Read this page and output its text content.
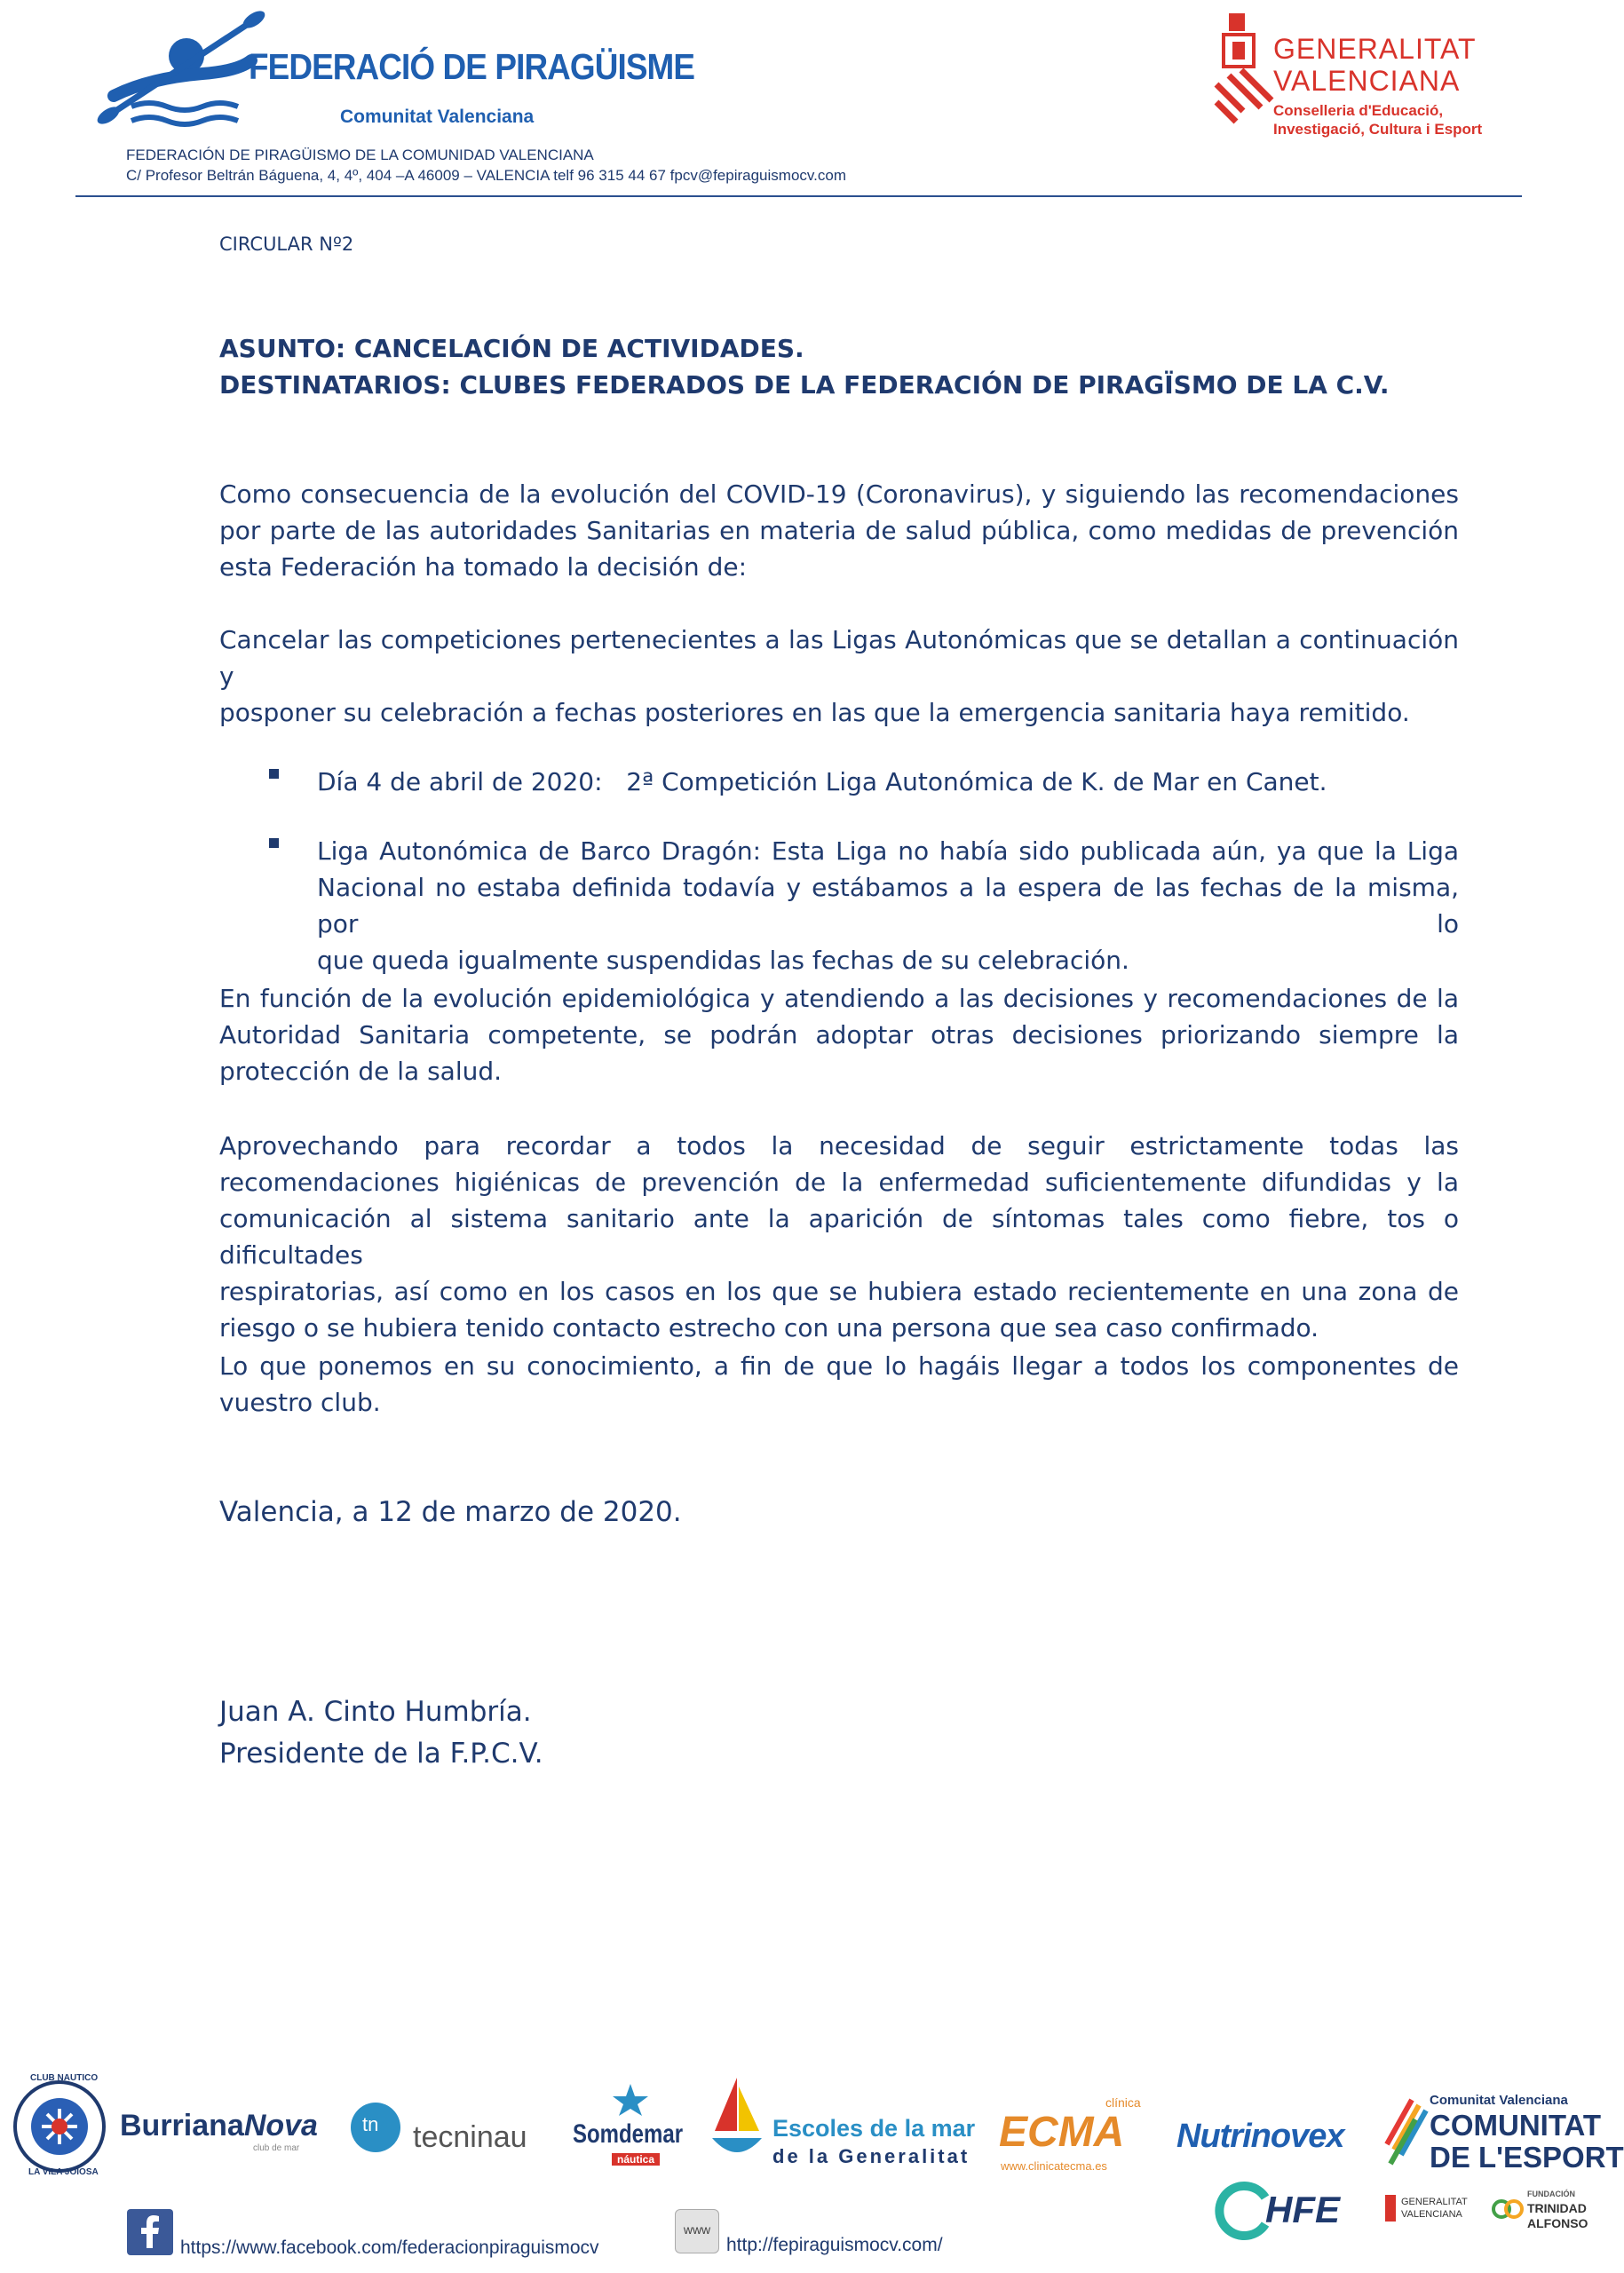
FEDERACIÓ DE PIRAGÜISME
Comunitat Valenciana
GENERALITAT
VALENCIANA
Conselleria d'Educació,
Investigació, Cultura i Esport
FEDERACIÓN DE PIRAGÜISMO DE LA COMUNIDAD VALENCIANA
C/ Profesor Beltrán Báguena, 4, 4º, 404 –A 46009 – VALENCIA telf 96 315 44 67 fpcv@fepiraguismocv.com
CIRCULAR Nº2
ASUNTO: CANCELACIÓN DE ACTIVIDADES.
DESTINATARIOS: CLUBES FEDERADOS DE LA FEDERACIÓN DE PIRAGÏSMO DE LA C.V.
Como consecuencia de la evolución del COVID-19 (Coronavirus), y siguiendo las recomendaciones
por parte de las autoridades Sanitarias en materia de salud pública, como medidas de prevención
esta Federación ha tomado la decisión de:
Cancelar las competiciones pertenecientes a las Ligas Autonómicas que se detallan a continuación y
posponer su celebración a fechas posteriores en las que la emergencia sanitaria haya remitido.
Día 4 de abril de 2020:   2ª Competición Liga Autonómica de K. de Mar en Canet.
Liga Autonómica de Barco Dragón: Esta Liga no había sido publicada aún, ya que la Liga
Nacional no estaba definida todavía y estábamos a la espera de las fechas de la misma, por lo
que queda igualmente suspendidas las fechas de su celebración.
En función de la evolución epidemiológica y atendiendo a las decisiones y recomendaciones de la
Autoridad Sanitaria competente, se podrán adoptar otras decisiones priorizando siempre la
protección de la salud.
Aprovechando para recordar a todos la necesidad de seguir estrictamente todas las
recomendaciones higiénicas de prevención de la enfermedad suficientemente difundidas y la
comunicación al sistema sanitario ante la aparición de síntomas tales como fiebre, tos o dificultades
respiratorias, así como en los casos en los que se hubiera estado recientemente en una zona de
riesgo o se hubiera tenido contacto estrecho con una persona que sea caso confirmado.
Lo que ponemos en su conocimiento, a fin de que lo hagáis llegar a todos los componentes de
vuestro club.
Valencia, a 12 de marzo de 2020.
Juan A. Cinto Humbría.
Presidente de la F.P.C.V.
CLUB NAUTICO
LA VILA JOIOSA
BurrianaNova
club de mar
tn tecninau Somdemar
náutica
Escoles de la mar
de la Generalitat
clínica
ECMA
www.clinicatecma.es
Nutrinovex
Comunitat Valenciana
COMUNITAT
DE L'ESPORT
HFE	GENERALITAT
VALENCIANA
FUNDACIÓN
TRINIDAD
ALFONSO
https://www.facebook.com/federacionpiraguismocv
www
http://fepiraguismocv.com/
